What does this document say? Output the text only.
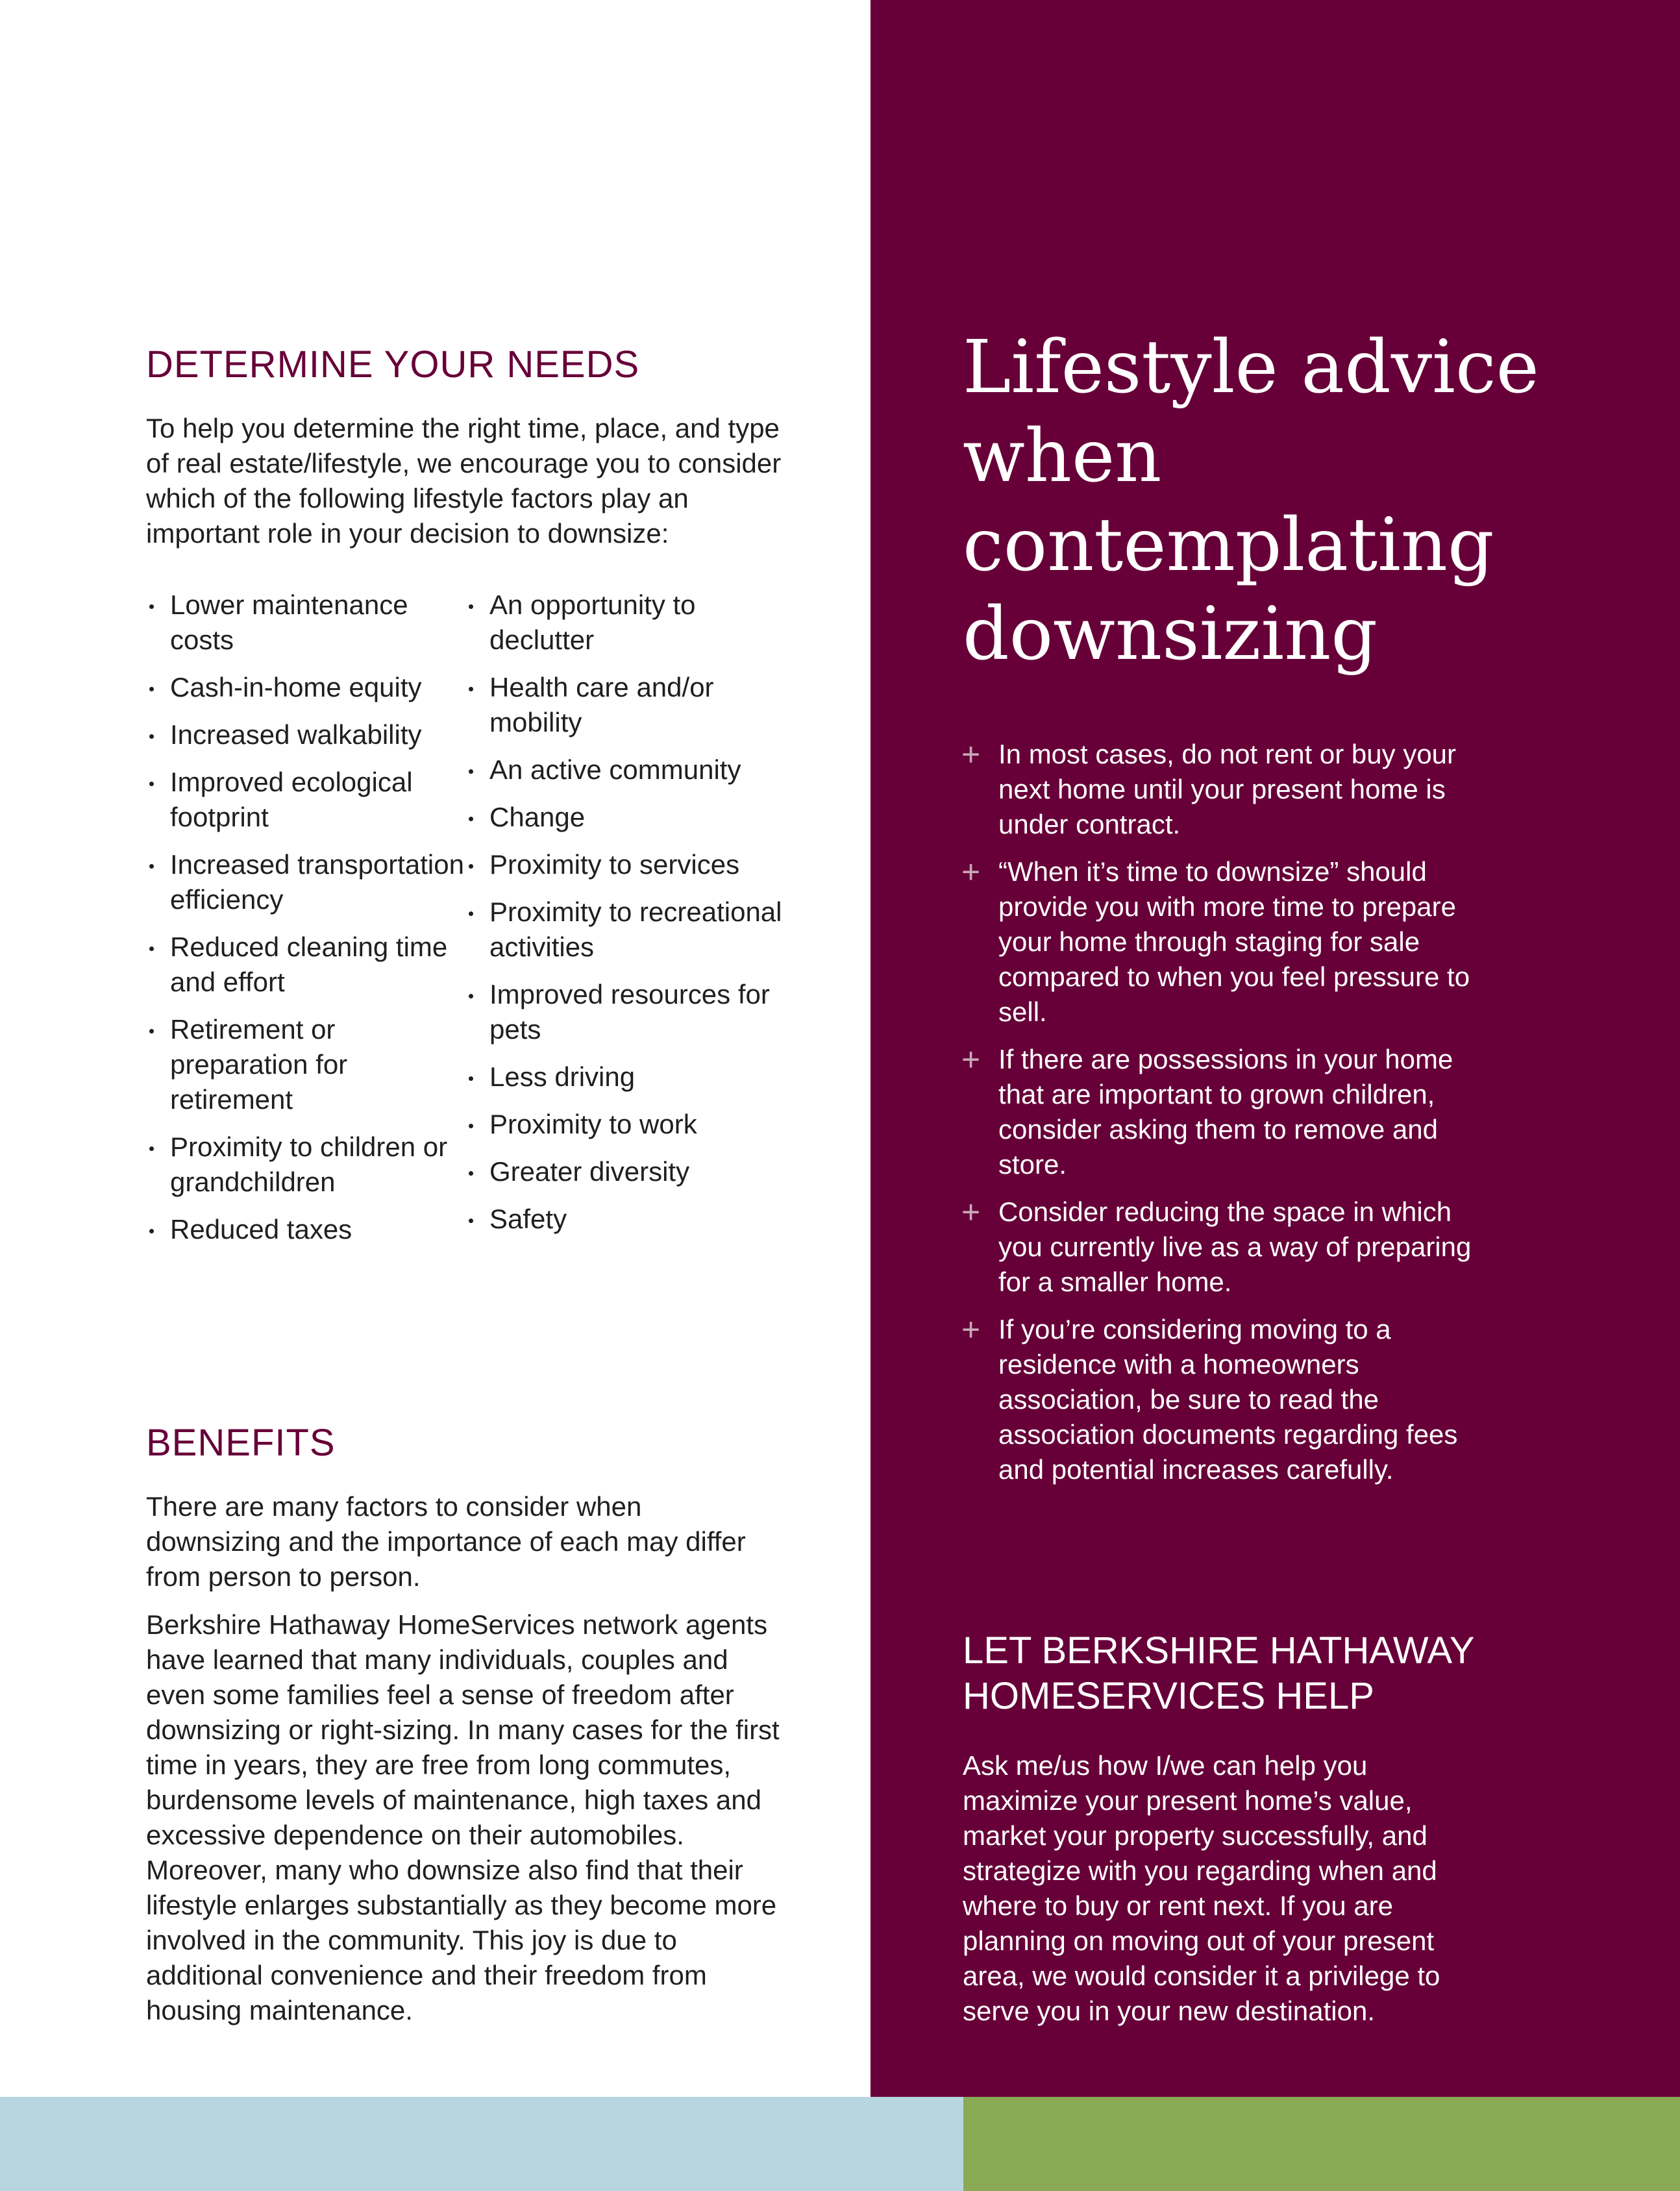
DETERMINE YOUR NEEDS

To help you determine the right time, place, and type of real estate/lifestyle, we encourage you to consider which of the following lifestyle factors play an important role in your decision to downsize:

Lower maintenance costs
Cash-in-home equity
Increased walkability
Improved ecological footprint
Increased transportation efficiency
Reduced cleaning time and effort
Retirement or preparation for retirement
Proximity to children or grandchildren
Reduced taxes
An opportunity to declutter
Health care and/or mobility
An active community
Change
Proximity to services
Proximity to recreational activities
Improved resources for pets
Less driving
Proximity to work
Greater diversity
Safety
BENEFITS

There are many factors to consider when downsizing and the importance of each may differ from person to person.

Berkshire Hathaway HomeServices network agents have learned that many individuals, couples and even some families feel a sense of freedom after downsizing or right-sizing. In many cases for the first time in years, they are free from long commutes, burdensome levels of maintenance, high taxes and excessive dependence on their automobiles. Moreover, many who downsize also find that their lifestyle enlarges substantially as they become more involved in the community. This joy is due to additional convenience and their freedom from housing maintenance.

Lifestyle advice when contemplating downsizing
+ In most cases, do not rent or buy your next home until your present home is under contract.
+ “When it’s time to downsize” should provide you with more time to prepare your home through staging for sale compared to when you feel pressure to sell.
+ If there are possessions in your home that are important to grown children, consider asking them to remove and store.
+ Consider reducing the space in which you currently live as a way of preparing for a smaller home.
+ If you’re considering moving to a residence with a homeowners association, be sure to read the association documents regarding fees and potential increases carefully.
LET BERKSHIRE HATHAWAY HOMESERVICES HELP

Ask me/us how I/we can help you maximize your present home’s value, market your property successfully, and strategize with you regarding when and where to buy or rent next. If you are planning on moving out of your present area, we would consider it a privilege to serve you in your new destination.
